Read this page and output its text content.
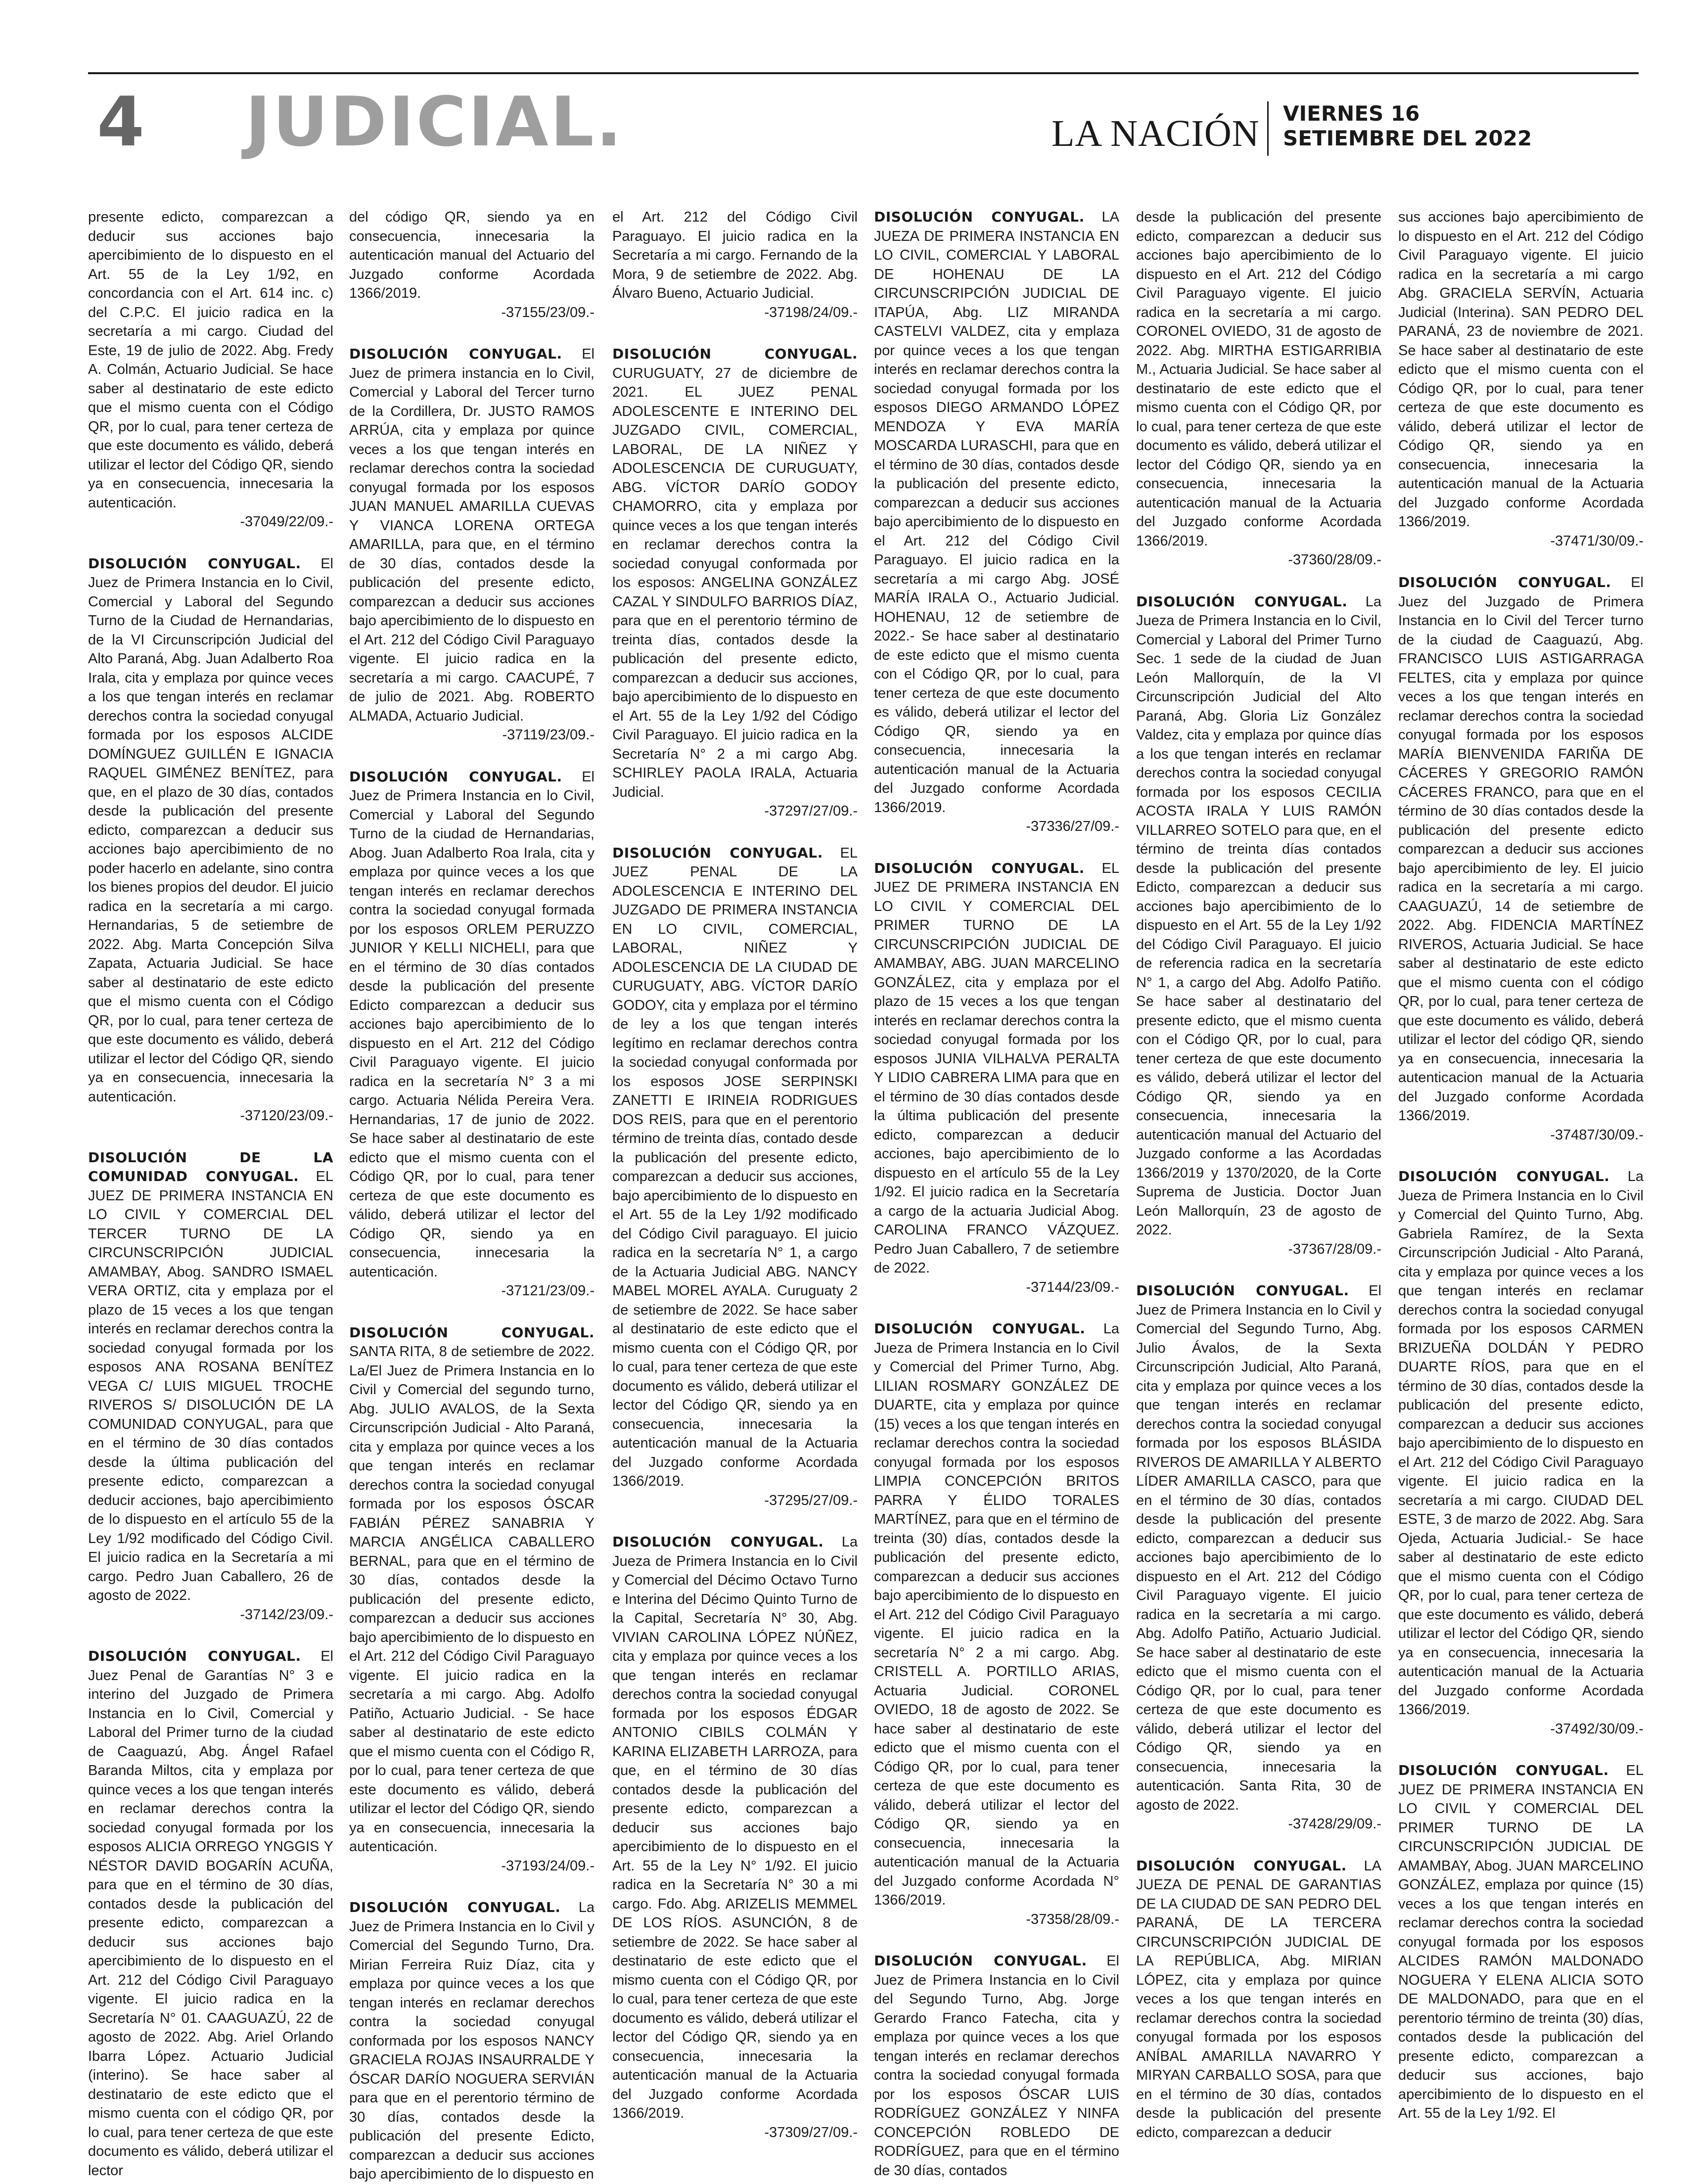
4 JUDICIAL.	LA NACIÓN VIERNES 16
SETIEMBRE DEL 2022

presente edicto, comparezcan a deducir sus acciones bajo apercibimiento de lo dispuesto en el Art. 55 de la Ley 1/92, en concordancia con el Art. 614 inc. c) del C.P.C. El juicio radica en la secretaría a mi cargo. Ciudad del Este, 19 de julio de 2022. Abg. Fredy A. Colmán, Actuario Judicial. Se hace saber al destinatario de este edicto que el mismo cuenta con el Código QR, por lo cual, para tener certeza de que este documento es válido, deberá utilizar el lector del Código QR, siendo ya en consecuencia, innecesaria la autenticación.
-37049/22/09.-

DISOLUCIÓN CONYUGAL. El Juez de Primera Instancia en lo Civil, Comercial y Laboral del Segundo Turno de la Ciudad de Hernandarias, de la VI Circunscripción Judicial del Alto Paraná, Abg. Juan Adalberto Roa Irala, cita y emplaza por quince veces a los que tengan interés en reclamar derechos contra la sociedad conyugal formada por los esposos ALCIDE DOMÍNGUEZ GUILLÉN E IGNACIA RAQUEL GIMÉNEZ BENÍTEZ, para que, en el plazo de 30 días, contados desde la publicación del presente edicto, comparezcan a deducir sus acciones bajo apercibimiento de no poder hacerlo en adelante, sino contra los bienes propios del deudor. El juicio radica en la secretaría a mi cargo. Hernandarias, 5 de setiembre de 2022. Abg. Marta Concepción Silva Zapata, Actuaria Judicial. Se hace saber al destinatario de este edicto que el mismo cuenta con el Código QR, por lo cual, para tener certeza de que este documento es válido, deberá utilizar el lector del Código QR, siendo ya en consecuencia, innecesaria la autenticación.
-37120/23/09.-

DISOLUCIÓN DE LA COMUNIDAD CONYUGAL. EL JUEZ DE PRIMERA INSTANCIA EN LO CIVIL Y COMERCIAL DEL TERCER TURNO DE LA CIRCUNSCRIPCIÓN JUDICIAL AMAMBAY, Abog. SANDRO ISMAEL VERA ORTIZ, cita y emplaza por el plazo de 15 veces a los que tengan interés en reclamar derechos contra la sociedad conyugal formada por los esposos ANA ROSANA BENÍTEZ VEGA C/ LUIS MIGUEL TROCHE RIVEROS S/ DISOLUCIÓN DE LA COMUNIDAD CONYUGAL, para que en el término de 30 días contados desde la última publicación del presente edicto, comparezcan a deducir acciones, bajo apercibimiento de lo dispuesto en el artículo 55 de la Ley 1/92 modificado del Código Civil. El juicio radica en la Secretaría a mi cargo. Pedro Juan Caballero, 26 de agosto de 2022.
-37142/23/09.-

DISOLUCIÓN CONYUGAL. El Juez Penal de Garantías N° 3 e interino del Juzgado de Primera Instancia en lo Civil, Comercial y Laboral del Primer turno de la ciudad de Caaguazú, Abg. Ángel Rafael Baranda Miltos, cita y emplaza por quince veces a los que tengan interés en reclamar derechos contra la sociedad conyugal formada por los esposos ALICIA ORREGO YNGGIS Y NÉSTOR DAVID BOGARÍN ACUÑA, para que en el término de 30 días, contados desde la publicación del presente edicto, comparezcan a deducir sus acciones bajo apercibimiento de lo dispuesto en el Art. 212 del Código Civil Paraguayo vigente. El juicio radica en la Secretaría N° 01. CAAGUAZÚ, 22 de agosto de 2022. Abg. Ariel Orlando Ibarra López. Actuario Judicial (interino). Se hace saber al destinatario de este edicto que el mismo cuenta con el código QR, por lo cual, para tener certeza de que este documento es válido, deberá utilizar el lector

del código QR, siendo ya en consecuencia, innecesaria la autenticación manual del Actuario del Juzgado conforme Acordada 1366/2019.
-37155/23/09.-

DISOLUCIÓN CONYUGAL. El Juez de primera instancia en lo Civil, Comercial y Laboral del Tercer turno de la Cordillera, Dr. JUSTO RAMOS ARRÚA, cita y emplaza por quince veces a los que tengan interés en reclamar derechos contra la sociedad conyugal formada por los esposos JUAN MANUEL AMARILLA CUEVAS Y VIANCA LORENA ORTEGA AMARILLA, para que, en el término de 30 días, contados desde la publicación del presente edicto, comparezcan a deducir sus acciones bajo apercibimiento de lo dispuesto en el Art. 212 del Código Civil Paraguayo vigente. El juicio radica en la secretaría a mi cargo. CAACUPÉ, 7 de julio de 2021. Abg. ROBERTO ALMADA, Actuario Judicial.
-37119/23/09.-

DISOLUCIÓN CONYUGAL. El Juez de Primera Instancia en lo Civil, Comercial y Laboral del Segundo Turno de la ciudad de Hernandarias, Abog. Juan Adalberto Roa Irala, cita y emplaza por quince veces a los que tengan interés en reclamar derechos contra la sociedad conyugal formada por los esposos ORLEM PERUZZO JUNIOR Y KELLI NICHELI, para que en el término de 30 días contados desde la publicación del presente Edicto comparezcan a deducir sus acciones bajo apercibimiento de lo dispuesto en el Art. 212 del Código Civil Paraguayo vigente. El juicio radica en la secretaría N° 3 a mi cargo. Actuaria Nélida Pereira Vera. Hernandarias, 17 de junio de 2022. Se hace saber al destinatario de este edicto que el mismo cuenta con el Código QR, por lo cual, para tener certeza de que este documento es válido, deberá utilizar el lector del Código QR, siendo ya en consecuencia, innecesaria la autenticación.
-37121/23/09.-

DISOLUCIÓN CONYUGAL. SANTA RITA, 8 de setiembre de 2022. La/El Juez de Primera Instancia en lo Civil y Comercial del segundo turno, Abg. JULIO AVALOS, de la Sexta Circunscripción Judicial - Alto Paraná, cita y emplaza por quince veces a los que tengan interés en reclamar derechos contra la sociedad conyugal formada por los esposos ÓSCAR FABIÁN PÉREZ SANABRIA Y MARCIA ANGÉLICA CABALLERO BERNAL, para que en el término de 30 días, contados desde la publicación del presente edicto, comparezcan a deducir sus acciones bajo apercibimiento de lo dispuesto en el Art. 212 del Código Civil Paraguayo vigente. El juicio radica en la secretaría a mi cargo. Abg. Adolfo Patiño, Actuario Judicial. - Se hace saber al destinatario de este edicto que el mismo cuenta con el Código R, por lo cual, para tener certeza de que este documento es válido, deberá utilizar el lector del Código QR, siendo ya en consecuencia, innecesaria la autenticación.
-37193/24/09.-

DISOLUCIÓN CONYUGAL. La Juez de Primera Instancia en lo Civil y Comercial del Segundo Turno, Dra. Mirian Ferreira Ruiz Díaz, cita y emplaza por quince veces a los que tengan interés en reclamar derechos contra la sociedad conyugal conformada por los esposos NANCY GRACIELA ROJAS INSAURRALDE Y ÓSCAR DARÍO NOGUERA SERVIÁN para que en el perentorio término de 30 días, contados desde la publicación del presente Edicto, comparezcan a deducir sus acciones bajo apercibimiento de lo dispuesto en

el Art. 212 del Código Civil Paraguayo. El juicio radica en la Secretaría a mi cargo. Fernando de la Mora, 9 de setiembre de 2022. Abg. Álvaro Bueno, Actuario Judicial.
-37198/24/09.-

DISOLUCIÓN CONYUGAL. CURUGUATY, 27 de diciembre de 2021. EL JUEZ PENAL ADOLESCENTE E INTERINO DEL JUZGADO CIVIL, COMERCIAL, LABORAL, DE LA NIÑEZ Y ADOLESCENCIA DE CURUGUATY, ABG. VÍCTOR DARÍO GODOY CHAMORRO, cita y emplaza por quince veces a los que tengan interés en reclamar derechos contra la sociedad conyugal conformada por los esposos: ANGELINA GONZÁLEZ CAZAL Y SINDULFO BARRIOS DÍAZ, para que en el perentorio término de treinta días, contados desde la publicación del presente edicto, comparezcan a deducir sus acciones, bajo apercibimiento de lo dispuesto en el Art. 55 de la Ley 1/92 del Código Civil Paraguayo. El juicio radica en la Secretaría N° 2 a mi cargo Abg. SCHIRLEY PAOLA IRALA, Actuaria Judicial.
-37297/27/09.-

DISOLUCIÓN CONYUGAL. EL JUEZ PENAL DE LA ADOLESCENCIA E INTERINO DEL JUZGADO DE PRIMERA INSTANCIA EN LO CIVIL, COMERCIAL, LABORAL, NIÑEZ Y ADOLESCENCIA DE LA CIUDAD DE CURUGUATY, ABG. VÍCTOR DARÍO GODOY, cita y emplaza por el término de ley a los que tengan interés legítimo en reclamar derechos contra la sociedad conyugal conformada por los esposos JOSE SERPINSKI ZANETTI E IRINEIA RODRIGUES DOS REIS, para que en el perentorio término de treinta días, contado desde la publicación del presente edicto, comparezcan a deducir sus acciones, bajo apercibimiento de lo dispuesto en el Art. 55 de la Ley 1/92 modificado del Código Civil paraguayo. El juicio radica en la secretaría N° 1, a cargo de la Actuaria Judicial ABG. NANCY MABEL MOREL AYALA. Curuguaty 2 de setiembre de 2022. Se hace saber al destinatario de este edicto que el mismo cuenta con el Código QR, por lo cual, para tener certeza de que este documento es válido, deberá utilizar el lector del Código QR, siendo ya en consecuencia, innecesaria la autenticación manual de la Actuaria del Juzgado conforme Acordada 1366/2019.
-37295/27/09.-

DISOLUCIÓN CONYUGAL. La Jueza de Primera Instancia en lo Civil y Comercial del Décimo Octavo Turno e Interina del Décimo Quinto Turno de la Capital, Secretaría N° 30, Abg. VIVIAN CAROLINA LÓPEZ NÚÑEZ, cita y emplaza por quince veces a los que tengan interés en reclamar derechos contra la sociedad conyugal formada por los esposos ÉDGAR ANTONIO CIBILS COLMÁN Y KARINA ELIZABETH LARROZA, para que, en el término de 30 días contados desde la publicación del presente edicto, comparezcan a deducir sus acciones bajo apercibimiento de lo dispuesto en el Art. 55 de la Ley N° 1/92. El juicio radica en la Secretaría N° 30 a mi cargo. Fdo. Abg. ARIZELIS MEMMEL DE LOS RÍOS. ASUNCIÓN, 8 de setiembre de 2022. Se hace saber al destinatario de este edicto que el mismo cuenta con el Código QR, por lo cual, para tener certeza de que este documento es válido, deberá utilizar el lector del Código QR, siendo ya en consecuencia, innecesaria la autenticación manual de la Actuaria del Juzgado conforme Acordada 1366/2019.
-37309/27/09.-

DISOLUCIÓN CONYUGAL. LA JUEZA DE PRIMERA INSTANCIA EN LO CIVIL, COMERCIAL Y LABORAL DE HOHENAU DE LA CIRCUNSCRIPCIÓN JUDICIAL DE ITAPÚA, Abg. LIZ MIRANDA CASTELVI VALDEZ, cita y emplaza por quince veces a los que tengan interés en reclamar derechos contra la sociedad conyugal formada por los esposos DIEGO ARMANDO LÓPEZ MENDOZA Y EVA MARÍA MOSCARDA LURASCHI, para que en el término de 30 días, contados desde la publicación del presente edicto, comparezcan a deducir sus acciones bajo apercibimiento de lo dispuesto en el Art. 212 del Código Civil Paraguayo. El juicio radica en la secretaría a mi cargo Abg. JOSÉ MARÍA IRALA O., Actuario Judicial. HOHENAU, 12 de setiembre de 2022.- Se hace saber al destinatario de este edicto que el mismo cuenta con el Código QR, por lo cual, para tener certeza de que este documento es válido, deberá utilizar el lector del Código QR, siendo ya en consecuencia, innecesaria la autenticación manual de la Actuaria del Juzgado conforme Acordada 1366/2019.
-37336/27/09.-

DISOLUCIÓN CONYUGAL. EL JUEZ DE PRIMERA INSTANCIA EN LO CIVIL Y COMERCIAL DEL PRIMER TURNO DE LA CIRCUNSCRIPCIÓN JUDICIAL DE AMAMBAY, ABG. JUAN MARCELINO GONZÁLEZ, cita y emplaza por el plazo de 15 veces a los que tengan interés en reclamar derechos contra la sociedad conyugal formada por los esposos JUNIA VILHALVA PERALTA Y LIDIO CABRERA LIMA para que en el término de 30 días contados desde la última publicación del presente edicto, comparezcan a deducir acciones, bajo apercibimiento de lo dispuesto en el artículo 55 de la Ley 1/92. El juicio radica en la Secretaría a cargo de la actuaria Judicial Abog. CAROLINA FRANCO VÁZQUEZ. Pedro Juan Caballero, 7 de setiembre de 2022.
-37144/23/09.-

DISOLUCIÓN CONYUGAL. La Jueza de Primera Instancia en lo Civil y Comercial del Primer Turno, Abg. LILIAN ROSMARY GONZÁLEZ DE DUARTE, cita y emplaza por quince (15) veces a los que tengan interés en reclamar derechos contra la sociedad conyugal formada por los esposos LIMPIA CONCEPCIÓN BRITOS PARRA Y ÉLIDO TORALES MARTÍNEZ, para que en el término de treinta (30) días, contados desde la publicación del presente edicto, comparezcan a deducir sus acciones bajo apercibimiento de lo dispuesto en el Art. 212 del Código Civil Paraguayo vigente. El juicio radica en la secretaría N° 2 a mi cargo. Abg. CRISTELL A. PORTILLO ARIAS, Actuaria Judicial. CORONEL OVIEDO, 18 de agosto de 2022. Se hace saber al destinatario de este edicto que el mismo cuenta con el Código QR, por lo cual, para tener certeza de que este documento es válido, deberá utilizar el lector del Código QR, siendo ya en consecuencia, innecesaria la autenticación manual de la Actuaria del Juzgado conforme Acordada N° 1366/2019.
-37358/28/09.-

DISOLUCIÓN CONYUGAL. El Juez de Primera Instancia en lo Civil del Segundo Turno, Abg. Jorge Gerardo Franco Fatecha, cita y emplaza por quince veces a los que tengan interés en reclamar derechos contra la sociedad conyugal formada por los esposos ÓSCAR LUIS RODRÍGUEZ GONZÁLEZ Y NINFA CONCEPCIÓN ROBLEDO DE RODRÍGUEZ, para que en el término de 30 días, contados

desde la publicación del presente edicto, comparezcan a deducir sus acciones bajo apercibimiento de lo dispuesto en el Art. 212 del Código Civil Paraguayo vigente. El juicio radica en la secretaría a mi cargo. CORONEL OVIEDO, 31 de agosto de 2022. Abg. MIRTHA ESTIGARRIBIA M., Actuaria Judicial. Se hace saber al destinatario de este edicto que el mismo cuenta con el Código QR, por lo cual, para tener certeza de que este documento es válido, deberá utilizar el lector del Código QR, siendo ya en consecuencia, innecesaria la autenticación manual de la Actuaria del Juzgado conforme Acordada 1366/2019.
-37360/28/09.-

DISOLUCIÓN CONYUGAL. La Jueza de Primera Instancia en lo Civil, Comercial y Laboral del Primer Turno Sec. 1 sede de la ciudad de Juan León Mallorquín, de la VI Circunscripción Judicial del Alto Paraná, Abg. Gloria Liz González Valdez, cita y emplaza por quince días a los que tengan interés en reclamar derechos contra la sociedad conyugal formada por los esposos CECILIA ACOSTA IRALA Y LUIS RAMÓN VILLARREO SOTELO para que, en el término de treinta días contados desde la publicación del presente Edicto, comparezcan a deducir sus acciones bajo apercibimiento de lo dispuesto en el Art. 55 de la Ley 1/92 del Código Civil Paraguayo. El juicio de referencia radica en la secretaría N° 1, a cargo del Abg. Adolfo Patiño. Se hace saber al destinatario del presente edicto, que el mismo cuenta con el Código QR, por lo cual, para tener certeza de que este documento es válido, deberá utilizar el lector del Código QR, siendo ya en consecuencia, innecesaria la autenticación manual del Actuario del Juzgado conforme a las Acordadas 1366/2019 y 1370/2020, de la Corte Suprema de Justicia. Doctor Juan León Mallorquín, 23 de agosto de 2022.
-37367/28/09.-

DISOLUCIÓN CONYUGAL. El Juez de Primera Instancia en lo Civil y Comercial del Segundo Turno, Abg. Julio Ávalos, de la Sexta Circunscripción Judicial, Alto Paraná, cita y emplaza por quince veces a los que tengan interés en reclamar derechos contra la sociedad conyugal formada por los esposos BLÁSIDA RIVEROS DE AMARILLA Y ALBERTO LÍDER AMARILLA CASCO, para que en el término de 30 días, contados desde la publicación del presente edicto, comparezcan a deducir sus acciones bajo apercibimiento de lo dispuesto en el Art. 212 del Código Civil Paraguayo vigente. El juicio radica en la secretaría a mi cargo. Abg. Adolfo Patiño, Actuario Judicial. Se hace saber al destinatario de este edicto que el mismo cuenta con el Código QR, por lo cual, para tener certeza de que este documento es válido, deberá utilizar el lector del Código QR, siendo ya en consecuencia, innecesaria la autenticación. Santa Rita, 30 de agosto de 2022.
-37428/29/09.-

DISOLUCIÓN CONYUGAL. LA JUEZA DE PENAL DE GARANTIAS DE LA CIUDAD DE SAN PEDRO DEL PARANÁ, DE LA TERCERA CIRCUNSCRIPCIÓN JUDICIAL DE LA REPÚBLICA, Abg. MIRIAN LÓPEZ, cita y emplaza por quince veces a los que tengan interés en reclamar derechos contra la sociedad conyugal formada por los esposos ANÍBAL AMARILLA NAVARRO Y MIRYAN CARBALLO SOSA, para que en el término de 30 días, contados desde la publicación del presente edicto, comparezcan a deducir

sus acciones bajo apercibimiento de lo dispuesto en el Art. 212 del Código Civil Paraguayo vigente. El juicio radica en la secretaría a mi cargo Abg. GRACIELA SERVÍN, Actuaria Judicial (Interina). SAN PEDRO DEL PARANÁ, 23 de noviembre de 2021. Se hace saber al destinatario de este edicto que el mismo cuenta con el Código QR, por lo cual, para tener certeza de que este documento es válido, deberá utilizar el lector de Código QR, siendo ya en consecuencia, innecesaria la autenticación manual de la Actuaria del Juzgado conforme Acordada 1366/2019.
-37471/30/09.-

DISOLUCIÓN CONYUGAL. El Juez del Juzgado de Primera Instancia en lo Civil del Tercer turno de la ciudad de Caaguazú, Abg. FRANCISCO LUIS ASTIGARRAGA FELTES, cita y emplaza por quince veces a los que tengan interés en reclamar derechos contra la sociedad conyugal formada por los esposos MARÍA BIENVENIDA FARIÑA DE CÁCERES Y GREGORIO RAMÓN CÁCERES FRANCO, para que en el término de 30 días contados desde la publicación del presente edicto comparezcan a deducir sus acciones bajo apercibimiento de ley. El juicio radica en la secretaría a mi cargo. CAAGUAZÚ, 14 de setiembre de 2022. Abg. FIDENCIA MARTÍNEZ RIVEROS, Actuaria Judicial. Se hace saber al destinatario de este edicto que el mismo cuenta con el código QR, por lo cual, para tener certeza de que este documento es válido, deberá utilizar el lector del código QR, siendo ya en consecuencia, innecesaria la autenticacion manual de la Actuaria del Juzgado conforme Acordada 1366/2019.
-37487/30/09.-

DISOLUCIÓN CONYUGAL. La Jueza de Primera Instancia en lo Civil y Comercial del Quinto Turno, Abg. Gabriela Ramírez, de la Sexta Circunscripción Judicial - Alto Paraná, cita y emplaza por quince veces a los que tengan interés en reclamar derechos contra la sociedad conyugal formada por los esposos CARMEN BRIZUEÑA DOLDÁN Y PEDRO DUARTE RÍOS, para que en el término de 30 días, contados desde la publicación del presente edicto, comparezcan a deducir sus acciones bajo apercibimiento de lo dispuesto en el Art. 212 del Código Civil Paraguayo vigente. El juicio radica en la secretaría a mi cargo. CIUDAD DEL ESTE, 3 de marzo de 2022. Abg. Sara Ojeda, Actuaria Judicial.- Se hace saber al destinatario de este edicto que el mismo cuenta con el Código QR, por lo cual, para tener certeza de que este documento es válido, deberá utilizar el lector del Código QR, siendo ya en consecuencia, innecesaria la autenticación manual de la Actuaria del Juzgado conforme Acordada 1366/2019.
-37492/30/09.-

DISOLUCIÓN CONYUGAL. EL JUEZ DE PRIMERA INSTANCIA EN LO CIVIL Y COMERCIAL DEL PRIMER TURNO DE LA CIRCUNSCRIPCIÓN JUDICIAL DE AMAMBAY, Abog. JUAN MARCELINO GONZÁLEZ, emplaza por quince (15) veces a los que tengan interés en reclamar derechos contra la sociedad conyugal formada por los esposos ALCIDES RAMÓN MALDONADO NOGUERA Y ELENA ALICIA SOTO DE MALDONADO, para que en el perentorio término de treinta (30) días, contados desde la publicación del presente edicto, comparezcan a deducir sus acciones, bajo apercibimiento de lo dispuesto en el Art. 55 de la Ley 1/92. El
